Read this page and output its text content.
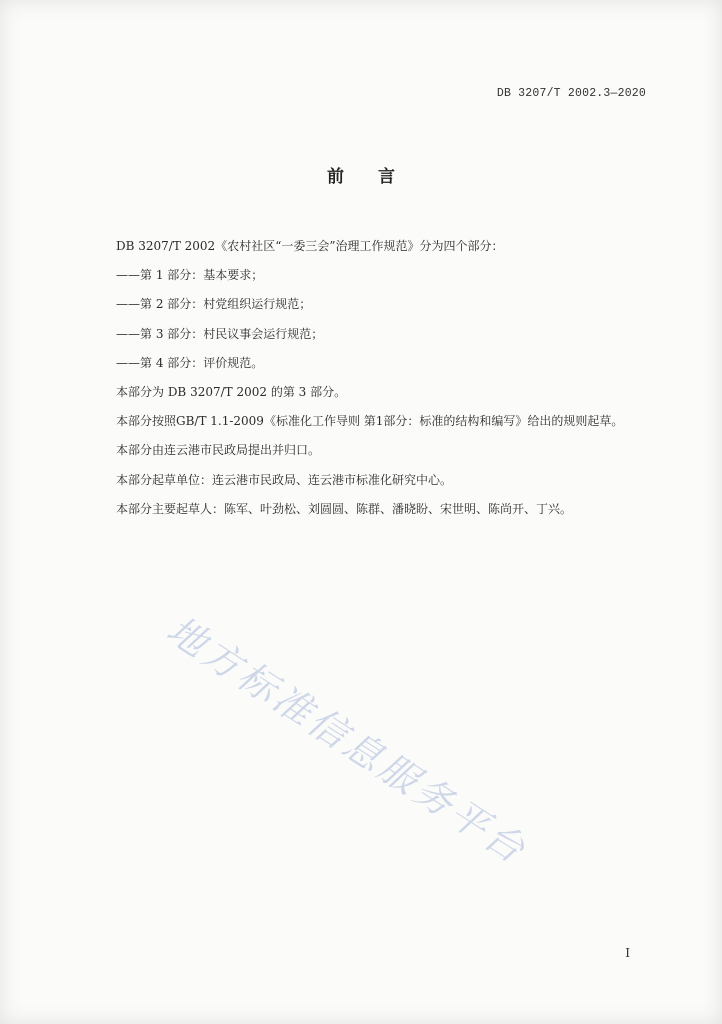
DB 3207/T 2002.3—2020
前 言
DB 3207/T 2002《农村社区“一委三会”治理工作规范》分为四个部分：
——第 1 部分：基本要求；
——第 2 部分：村党组织运行规范；
——第 3 部分：村民议事会运行规范；
——第 4 部分：评价规范。
本部分为 DB 3207/T 2002 的第 3 部分。
本部分按照GB/T 1.1-2009《标准化工作导则 第1部分：标准的结构和编写》给出的规则起草。
本部分由连云港市民政局提出并归口。
本部分起草单位：连云港市民政局、连云港市标准化研究中心。
本部分主要起草人：陈军、叶劲松、刘圆圆、陈群、潘晓盼、宋世明、陈尚开、丁兴。
地方标准信息服务平台
I
